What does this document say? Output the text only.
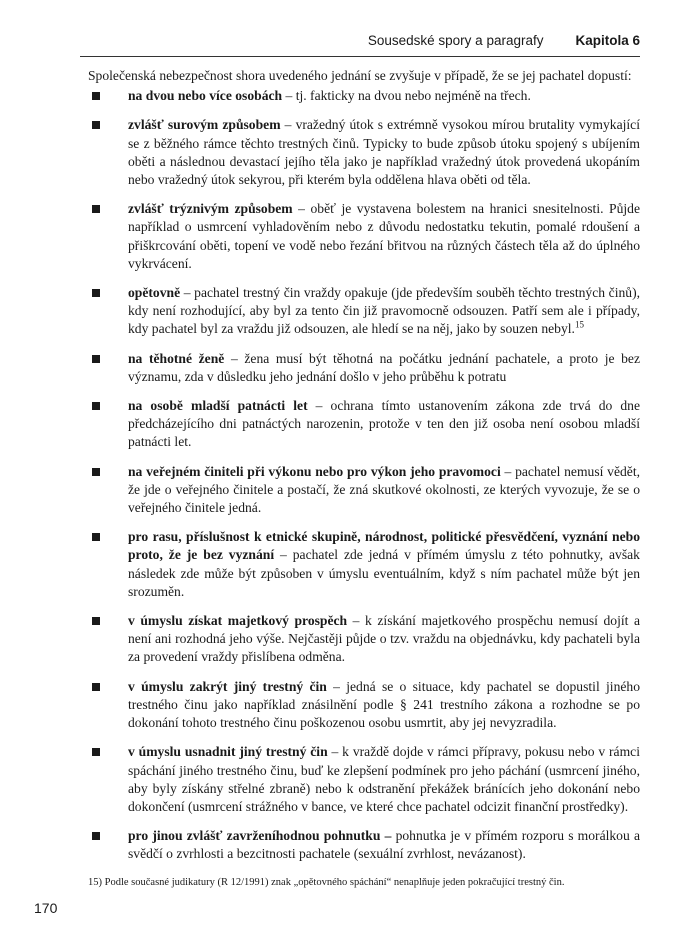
Sousedské spory a paragrafy Kapitola 6

Společenská nebezpečnost shora uvedeného jednání se zvyšuje v případě, že se jej pachatel dopustí:

na dvou nebo více osobách – tj. fakticky na dvou nebo nejméně na třech.
zvlášť surovým způsobem – vražedný útok s extrémně vysokou mírou brutality vymykající se z běžného rámce těchto trestných činů. Typicky to bude způsob útoku spojený s ubíjením oběti a následnou devastací jejího těla jako je například vražedný útok provedená ukopáním nebo vražedný útok sekyrou, při kterém byla oddělena hlava oběti od těla.
zvlášť trýznivým způsobem – oběť je vystavena bolestem na hranici snesitelnosti. Půjde například o usmrcení vyhladověním nebo z důvodu nedostatku tekutin, pomalé rdoušení a přiškrcování oběti, topení ve vodě nebo řezání břitvou na různých částech těla až do úplného vykrvácení.
opětovně – pachatel trestný čin vraždy opakuje (jde především souběh těchto trestných činů), kdy není rozhodující, aby byl za tento čin již pravomocně odsouzen. Patří sem ale i případy, kdy pachatel byl za vraždu již odsouzen, ale hledí se na něj, jako by souzen nebyl.$^{15}$
na těhotné ženě – žena musí být těhotná na počátku jednání pachatele, a proto je bez významu, zda v důsledku jeho jednání došlo v jeho průběhu k potratu
na osobě mladší patnácti let – ochrana tímto ustanovením zákona zde trvá do dne předcházejícího dni patnáctých narozenin, protože v ten den již osoba není osobou mladší patnácti let.
na veřejném činiteli při výkonu nebo pro výkon jeho pravomoci – pachatel nemusí vědět, že jde o veřejného činitele a postačí, že zná skutkové okolnosti, ze kterých vyvozuje, že se o veřejného činitele jedná.
pro rasu, příslušnost k etnické skupině, národnost, politické přesvědčení, vyznání nebo proto, že je bez vyznání – pachatel zde jedná v přímém úmyslu z této pohnutky, avšak následek zde může být způsoben v úmyslu eventuálním, když s ním pachatel může být jen srozuměn.
v úmyslu získat majetkový prospěch – k získání majetkového prospěchu nemusí dojít a není ani rozhodná jeho výše. Nejčastěji půjde o tzv. vraždu na objednávku, kdy pachateli byla za provedení vraždy přislíbena odměna.
v úmyslu zakrýt jiný trestný čin – jedná se o situace, kdy pachatel se dopustil jiného trestného činu jako například znásilnění podle § 241 trestního zákona a rozhodne se po dokonání tohoto trestného činu poškozenou osobu usmrtit, aby jej nevyzradila.
v úmyslu usnadnit jiný trestný čin – k vraždě dojde v rámci přípravy, pokusu nebo v rámci spáchání jiného trestného činu, buď ke zlepšení podmínek pro jeho páchání (usmrcení jiného, aby byly získány střelné zbraně) nebo k odstranění překážek bránících jeho dokonání nebo dokončení (usmrcení strážného v bance, ve které chce pachatel odcizit finanční prostředky).
pro jinou zvlášť zavrženíhodnou pohnutku – pohnutka je v přímém rozporu s morálkou a svědčí o zvrhlosti a bezcitnosti pachatele (sexuální zvrhlost, nevázanost).
15) Podle současné judikatury (R 12/1991) znak „opětovného spáchání“ nenaplňuje jeden pokračující trestný čin.
170
